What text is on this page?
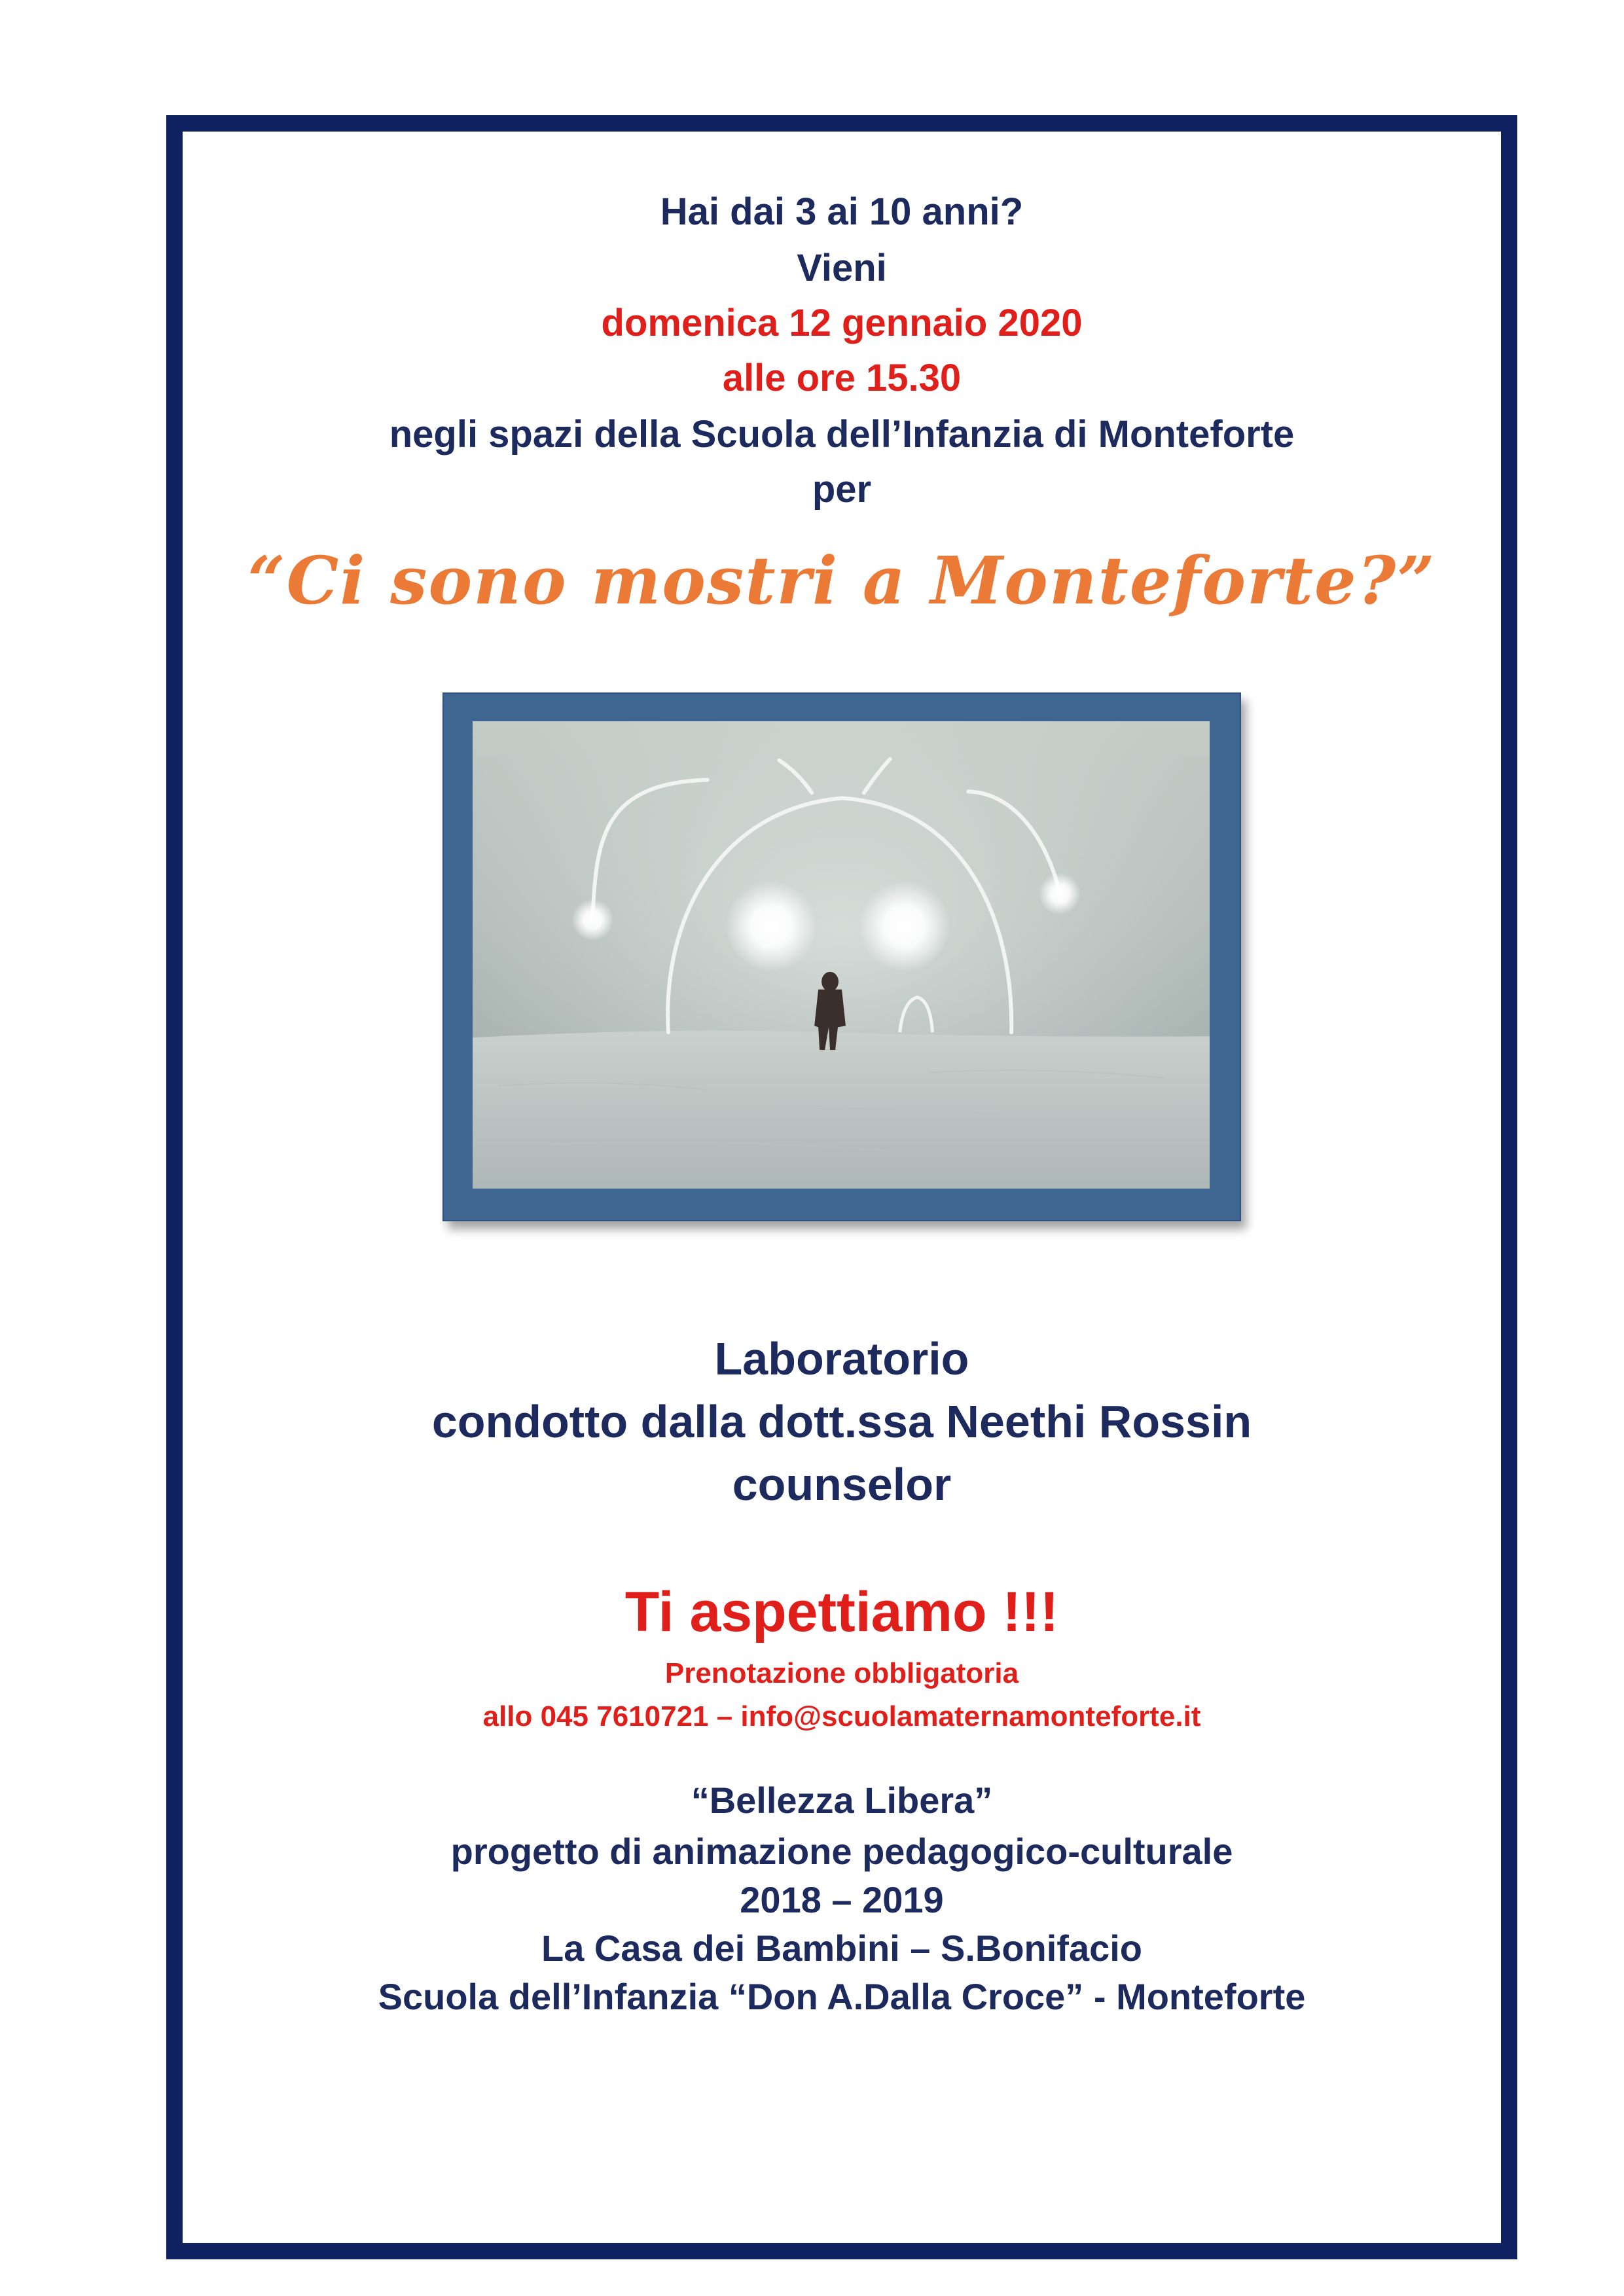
Hai dai 3 ai 10 anni?
Vieni
domenica 12 gennaio 2020
alle ore 15.30
negli spazi della Scuola dell’Infanzia di Monteforte
per
“Ci sono mostri a Monteforte?”
Laboratorio
condotto dalla dott.ssa Neethi Rossin
counselor
Ti aspettiamo !!!
Prenotazione obbligatoria
allo 045 7610721 – info@scuolamaternamonteforte.it
“Bellezza Libera”
progetto di animazione pedagogico-culturale
2018 – 2019
La Casa dei Bambini – S.Bonifacio
Scuola dell’Infanzia “Don A.Dalla Croce” - Monteforte
